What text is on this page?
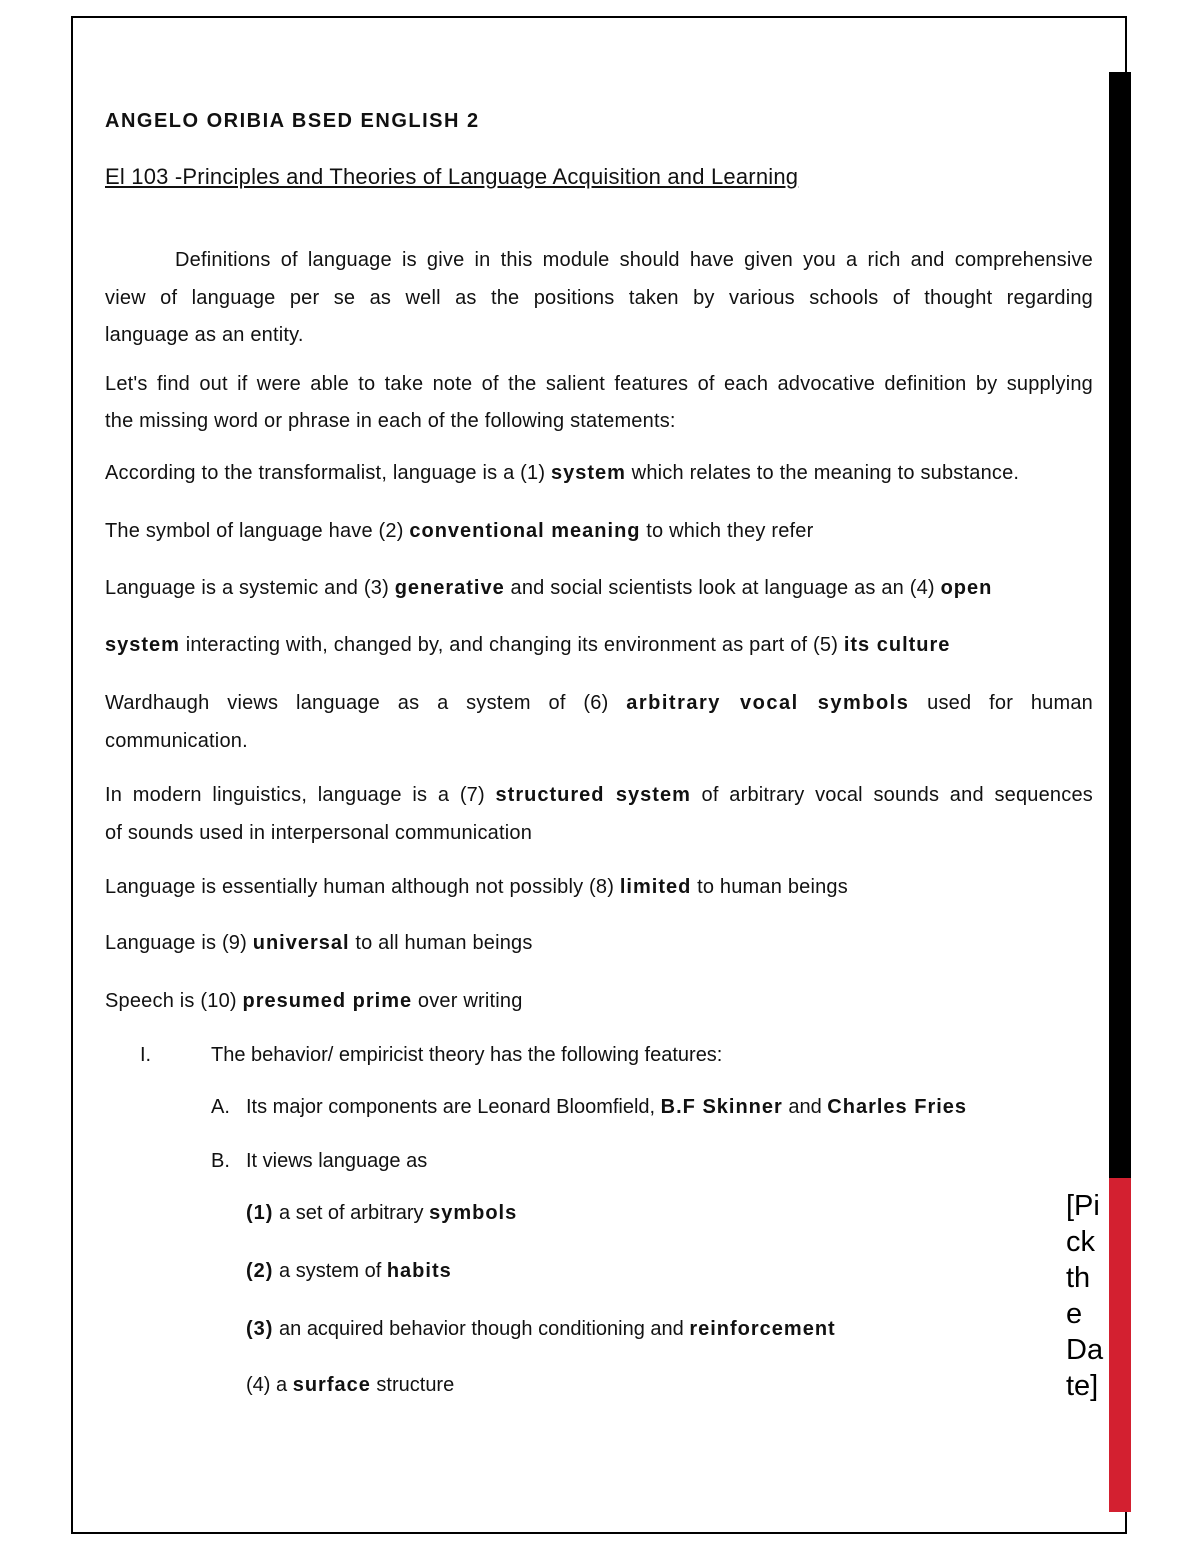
[Pick the Date]
ANGELO ORIBIA BSED ENGLISH 2
El 103 -Principles and Theories of Language Acquisition and Learning
Definitions of language is give in this module should have given you a rich and comprehensive
view of language per se as well as the positions taken by various schools of thought regarding
language as an entity.
Let's find out if were able to take note of the salient features of each advocative definition by supplying
the missing word or phrase in each of the following statements:
According to the transformalist, language is a (1) system which relates to the meaning to substance.
The symbol of language have (2) conventional meaning to which they refer
Language is a systemic and (3) generative and social scientists look at language as an (4) open
system interacting with, changed by, and changing its environment as part of (5) its culture
Wardhaugh views language as a system of (6) arbitrary vocal symbols used for human
communication.
In modern linguistics, language is a (7) structured system of arbitrary vocal sounds and sequences
of sounds used in interpersonal communication
Language is essentially human although not possibly (8) limited to human beings
Language is (9) universal to all human beings
Speech is (10) presumed prime over writing
I.	The behavior/ empiricist theory has the following features:
A. Its major components are Leonard Bloomfield, B.F Skinner and Charles Fries
B. It views language as
(1) a set of arbitrary symbols
(2) a system of habits
(3) an acquired behavior though conditioning and reinforcement
(4) a surface structure
